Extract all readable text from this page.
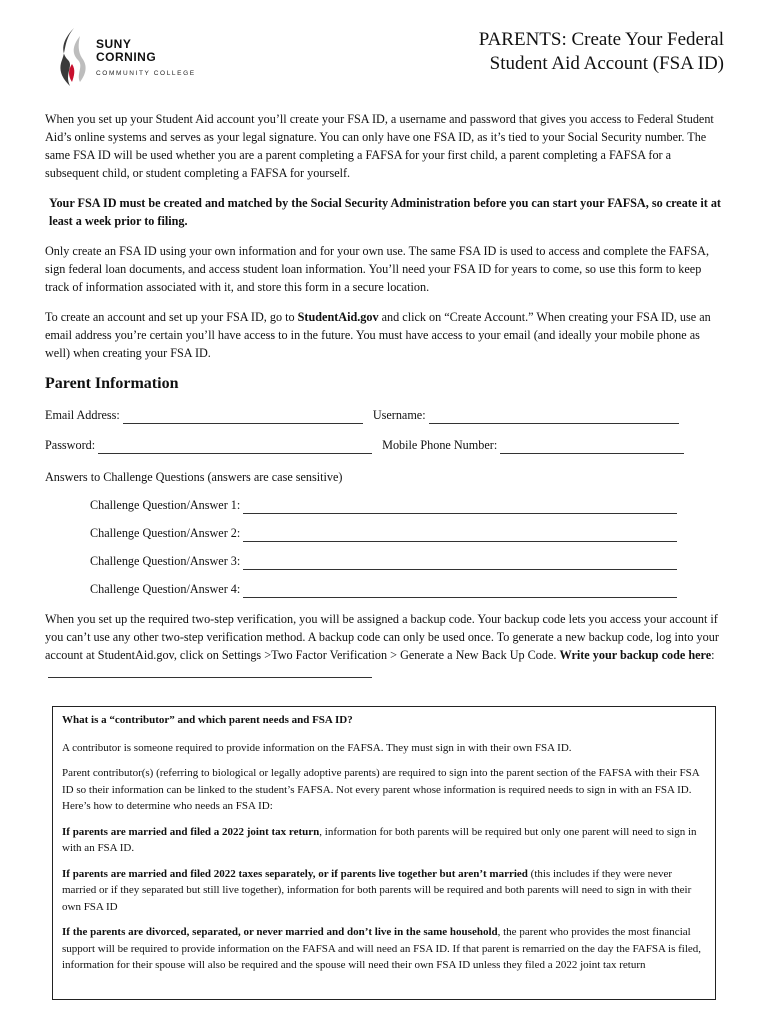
SUNY
CORNING
COMMUNITY COLLEGE
PARENTS: Create Your Federal
Student Aid Account (FSA ID)

When you set up your Student Aid account you’ll create your FSA ID, a username and password that gives you access to Federal Student Aid’s online systems and serves as your legal signature. You can only have one FSA ID, as it’s tied to your Social Security number. The same FSA ID will be used whether you are a parent completing a FAFSA for your first child, a parent completing a FAFSA for a subsequent child, or student completing a FAFSA for yourself.

Your FSA ID must be created and matched by the Social Security Administration before you can start your FAFSA, so create it at least a week prior to filing.

Only create an FSA ID using your own information and for your own use. The same FSA ID is used to access and complete the FAFSA, sign federal loan documents, and access student loan information. You’ll need your FSA ID for years to come, so use this form to keep track of information associated with it, and store this form in a secure location.

To create an account and set up your FSA ID, go to StudentAid.gov and click on “Create Account.” When creating your FSA ID, use an email address you’re certain you’ll have access to in the future. You must have access to your email (and ideally your mobile phone as well) when creating your FSA ID.

Parent Information
Email Address:	Username:
Password:	Mobile Phone Number:
Answers to Challenge Questions (answers are case sensitive)
Challenge Question/Answer 1:
Challenge Question/Answer 2:
Challenge Question/Answer 3:
Challenge Question/Answer 4:

When you set up the required two-step verification, you will be assigned a backup code. Your backup code lets you access your account if you can’t use any other two-step verification method. A backup code can only be used once. To generate a new backup code, log into your account at StudentAid.gov, click on Settings >Two Factor Verification > Generate a New Back Up Code. Write your backup code here:

What is a “contributor” and which parent needs and FSA ID?

A contributor is someone required to provide information on the FAFSA. They must sign in with their own FSA ID.

Parent contributor(s) (referring to biological or legally adoptive parents) are required to sign into the parent section of the FAFSA with their FSA ID so their information can be linked to the student’s FAFSA. Not every parent whose information is required needs to sign in with an FSA ID. Here’s how to determine who needs an FSA ID:

If parents are married and filed a 2022 joint tax return, information for both parents will be required but only one parent will need to sign in with an FSA ID.

If parents are married and filed 2022 taxes separately, or if parents live together but aren’t married (this includes if they were never married or if they separated but still live together), information for both parents will be required and both parents will need to sign in with their own FSA ID

If the parents are divorced, separated, or never married and don’t live in the same household, the parent who provides the most financial support will be required to provide information on the FAFSA and will need an FSA ID. If that parent is remarried on the day the FAFSA is filed, information for their spouse will also be required and the spouse will need their own FSA ID unless they filed a 2022 joint tax return
